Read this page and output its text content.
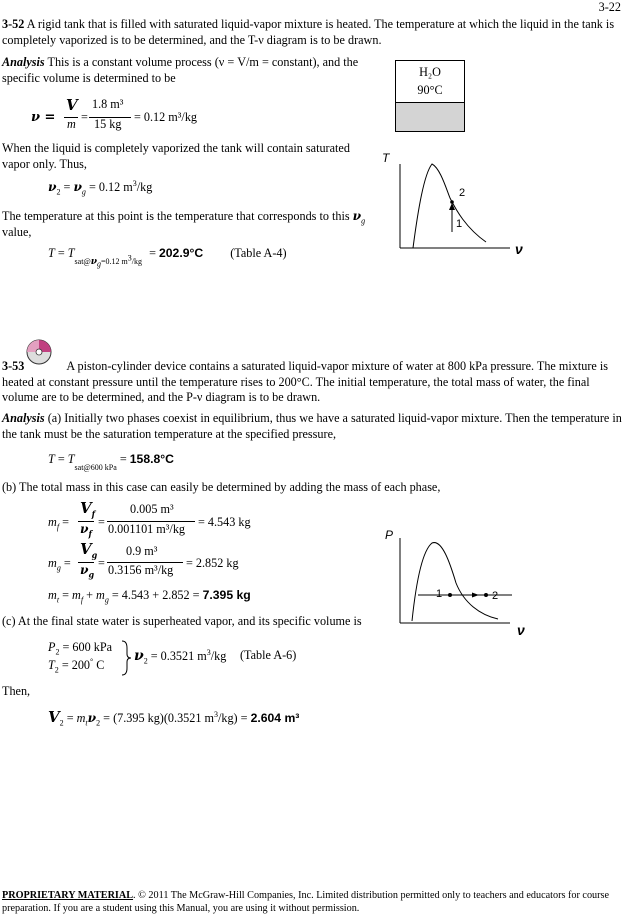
3-22
3-52 A rigid tank that is filled with saturated liquid-vapor mixture is heated. The temperature at which the liquid in the tank is completely vaporized is to be determined, and the T-ν diagram is to be drawn.
Analysis This is a constant volume process (ν = V/m = constant), and the specific volume is determined to be
ν =
V
m =
1.8 m³
15 kg = 0.12 m³/kg
H₂O
90°C
When the liquid is completely vaporized the tank will contain saturated vapor only. Thus,
$\nu_2 = \nu_g = 0.12$ $m^3/kg$
The temperature at this point is the temperature that corresponds to this $\nu_g$ value,
$T = T_{sat@\nu_g=0.12 m^3/kg} = 202.9^\circ C$ (Table A-4)
T
2
1
ν
3-53	A piston-cylinder device contains a saturated liquid-vapor mixture of water at 800 kPa pressure. The mixture is heated at constant pressure until the temperature rises to 200°C. The initial temperature, the total mass of water, the final volume are to be determined, and the P-ν diagram is to be drawn.
Analysis (a) Initially two phases coexist in equilibrium, thus we have a saturated liquid-vapor mixture. Then the temperature in the tank must be the saturation temperature at the specified pressure,
$T = T_{sat@600 kPa} = 158.8^\circ C$
(b) The total mass in this case can easily be determined by adding the mass of each phase,
$m_f$ =
$V_f$
$\nu_f$
=
0.005 m³
0.001101 m³/kg = 4.543 kg
$m_g$ =
$V_g$
$\nu_g$
=
0.9 m³
0.3156 m³/kg = 2.852 kg
$m_t = m_f + m_g = 4.543 + 2.852 = 7.395$ kg
(c) At the final state water is superheated vapor, and its specific volume is
$P_2 = 600$ kPa
$T_2 = 200^\circ$ C
$\nu_2 = 0.3521$ $m^3/kg$ (Table A-6)
Then,
$V_2 = m_t\nu_2 = (7.395$ kg)(0.3521 $m^3/kg) = 2.604$ m³
P
1	2
ν
PROPRIETARY MATERIAL. © 2011 The McGraw-Hill Companies, Inc. Limited distribution permitted only to teachers and educators for course preparation. If you are a student using this Manual, you are using it without permission.
